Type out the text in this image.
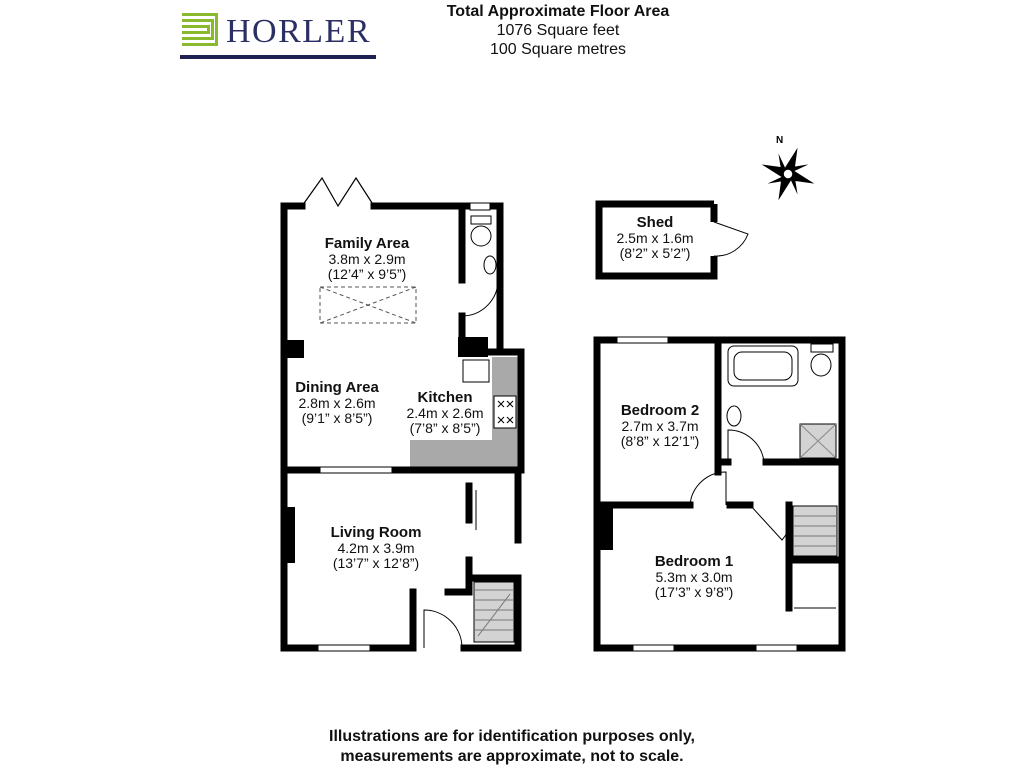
HORLER
Total Approximate Floor Area
1076 Square feet
100 Square metres
N
Family Area
3.8m x 2.9m
(12’4” x 9’5”)
Dining Area
2.8m x 2.6m
(9’1” x 8’5”)
Kitchen
2.4m x 2.6m
(7’8” x 8’5”)
Living Room
4.2m x 3.9m
(13’7” x 12’8”)
Shed
2.5m x 1.6m
(8’2” x 5’2”)
Bedroom 2
2.7m x 3.7m
(8’8” x 12’1”)
Bedroom 1
5.3m x 3.0m
(17’3” x 9’8”)
Illustrations are for identification purposes only,
measurements are approximate, not to scale.
